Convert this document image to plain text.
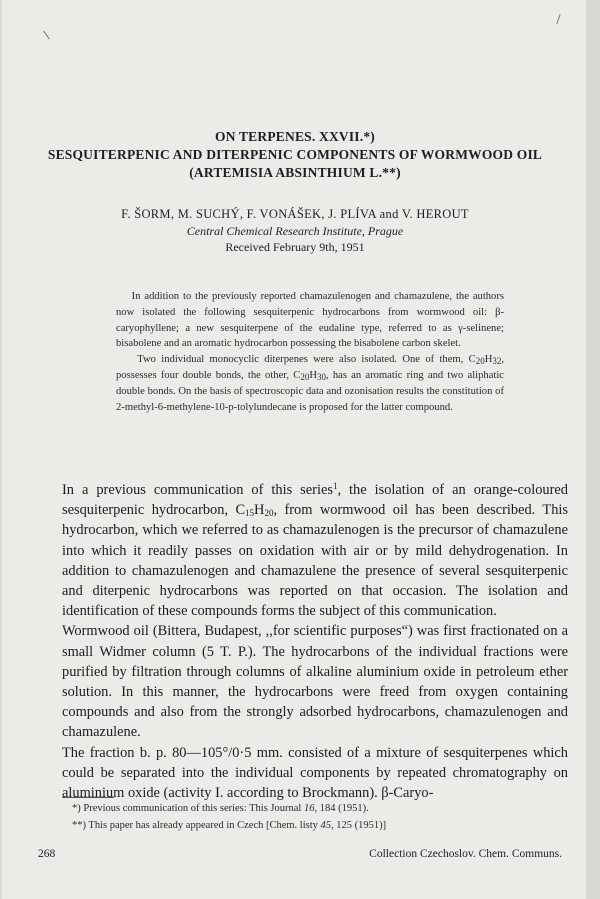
ON TERPENES. XXVII.*)
SESQUITERPENIC AND DITERPENIC COMPONENTS OF WORMWOOD OIL
(ARTEMISIA ABSINTHIUM L.**)
F. ŠORM, M. SUCHÝ, F. VONÁŠEK, J. PLÍVA and V. HEROUT
Central Chemical Research Institute, Prague
Received February 9th, 1951

In addition to the previously reported chamazulenogen and chamazulene, the authors now isolated the following sesquiterpenic hydrocarbons from wormwood oil: β-caryophyllene; a new sesquiterpene of the eudaline type, referred to as γ-selinene; bisabolene and an aromatic hydrocarbon possessing the bisabolene carbon skelet.

Two individual monocyclic diterpenes were also isolated. One of them, $C_{20}H_{32}$, possesses four double bonds, the other, $C_{20}H_{30}$, has an aromatic ring and two aliphatic double bonds. On the basis of spectroscopic data and ozonisation results the constitution of 2-methyl-6-methylene-10-p-tolylundecane is proposed for the latter compound.

In a previous communication of this series$^1$, the isolation of an orange-coloured sesquiterpenic hydrocarbon, $C_{15}H_{20}$, from wormwood oil has been described. This hydrocarbon, which we referred to as chamazulenogen is the precursor of chamazulene into which it readily passes on oxidation with air or by mild dehydrogenation. In addition to chamazulenogen and chamazulene the presence of several sesquiterpenic and diterpenic hydrocarbons was reported on that occasion. The isolation and identification of these compounds forms the subject of this communication.

Wormwood oil (Bittera, Budapest, ,,for scientific purposes“) was first fractionated on a small Widmer column (5 T. P.). The hydrocarbons of the individual fractions were purified by filtration through columns of alkaline aluminium oxide in petroleum ether solution. In this manner, the hydrocarbons were freed from oxygen containing compounds and also from the strongly adsorbed hydrocarbons, chamazulenogen and chamazulene.

The fraction b. p. 80—105°/0·5 mm. consisted of a mixture of sesquiterpenes which could be separated into the individual components by repeated chromatography on aluminium oxide (activity I. according to Brockmann). β-Caryo-

*) Previous communication of this series: This Journal 16, 184 (1951).
**) This paper has already appeared in Czech [Chem. listy 45, 125 (1951)]
268	Collection Czechoslov. Chem. Communs.
